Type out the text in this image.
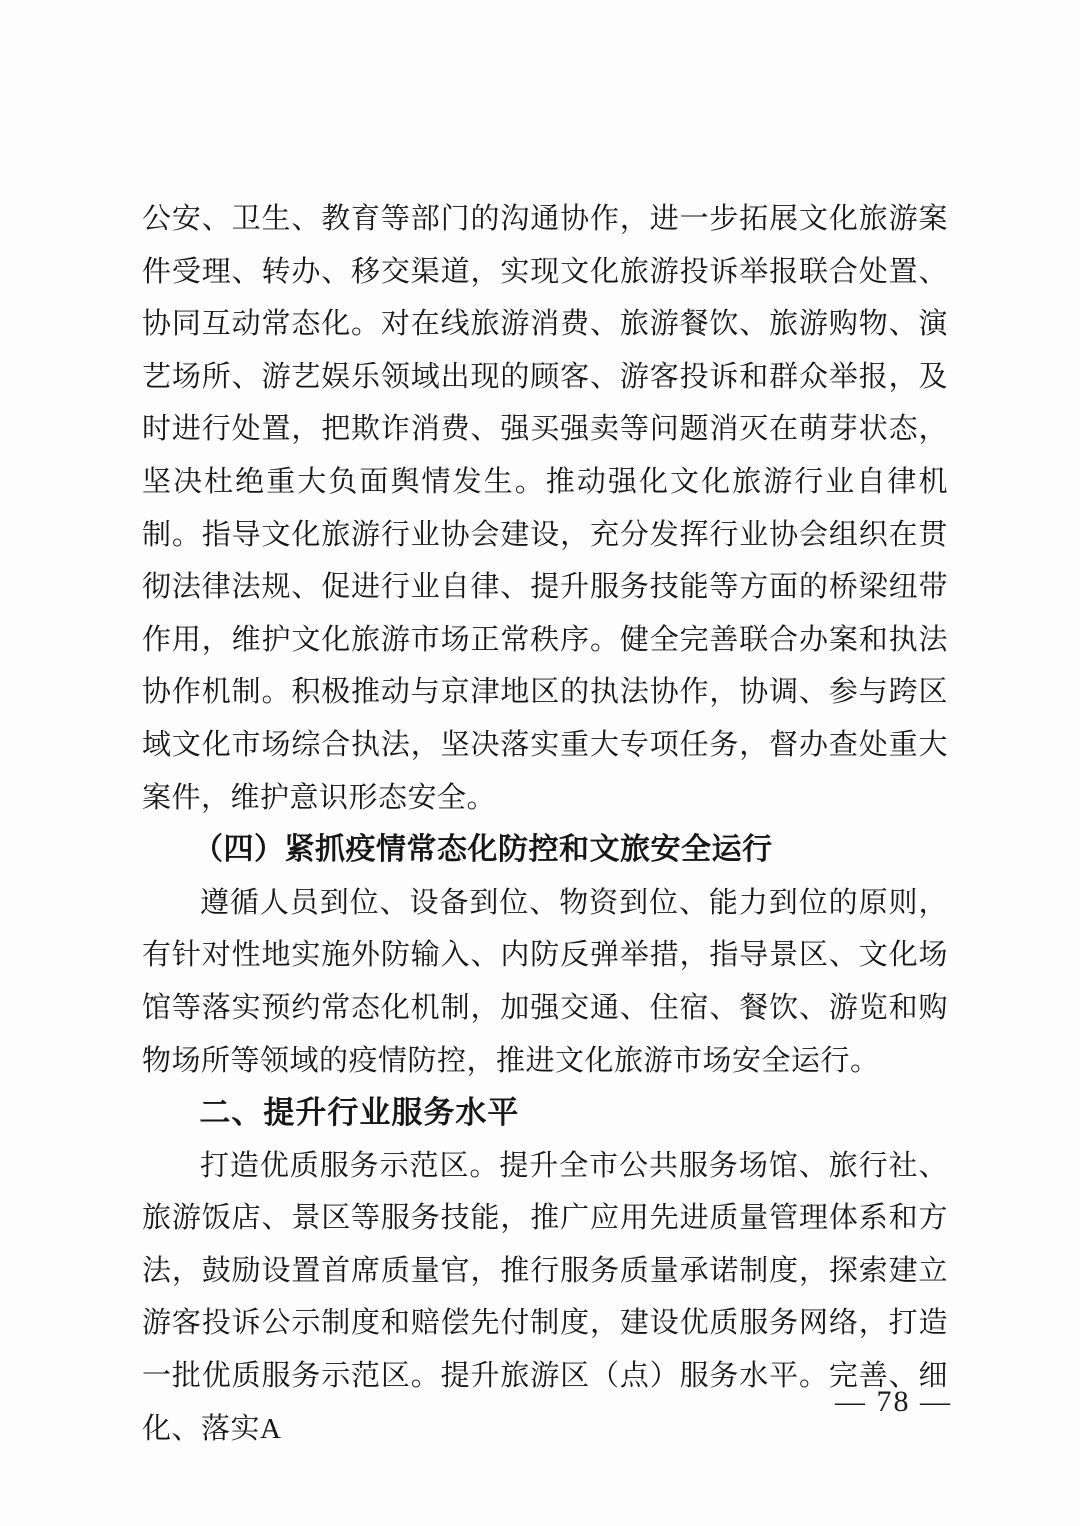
公安、卫生、教育等部门的沟通协作，进一步拓展文化旅游案件受理、转办、移交渠道，实现文化旅游投诉举报联合处置、协同互动常态化。对在线旅游消费、旅游餐饮、旅游购物、演艺场所、游艺娱乐领域出现的顾客、游客投诉和群众举报，及时进行处置，把欺诈消费、强买强卖等问题消灭在萌芽状态，坚决杜绝重大负面舆情发生。推动强化文化旅游行业自律机制。指导文化旅游行业协会建设，充分发挥行业协会组织在贯彻法律法规、促进行业自律、提升服务技能等方面的桥梁纽带作用，维护文化旅游市场正常秩序。健全完善联合办案和执法协作机制。积极推动与京津地区的执法协作，协调、参与跨区域文化市场综合执法，坚决落实重大专项任务，督办查处重大案件，维护意识形态安全。

（四）紧抓疫情常态化防控和文旅安全运行

遵循人员到位、设备到位、物资到位、能力到位的原则，有针对性地实施外防输入、内防反弹举措，指导景区、文化场馆等落实预约常态化机制，加强交通、住宿、餐饮、游览和购物场所等领域的疫情防控，推进文化旅游市场安全运行。

二、提升行业服务水平

打造优质服务示范区。提升全市公共服务场馆、旅行社、旅游饭店、景区等服务技能，推广应用先进质量管理体系和方法，鼓励设置首席质量官，推行服务质量承诺制度，探索建立游客投诉公示制度和赔偿先付制度，建设优质服务网络，打造一批优质服务示范区。提升旅游区（点）服务水平。完善、细化、落实A

— 78 —
